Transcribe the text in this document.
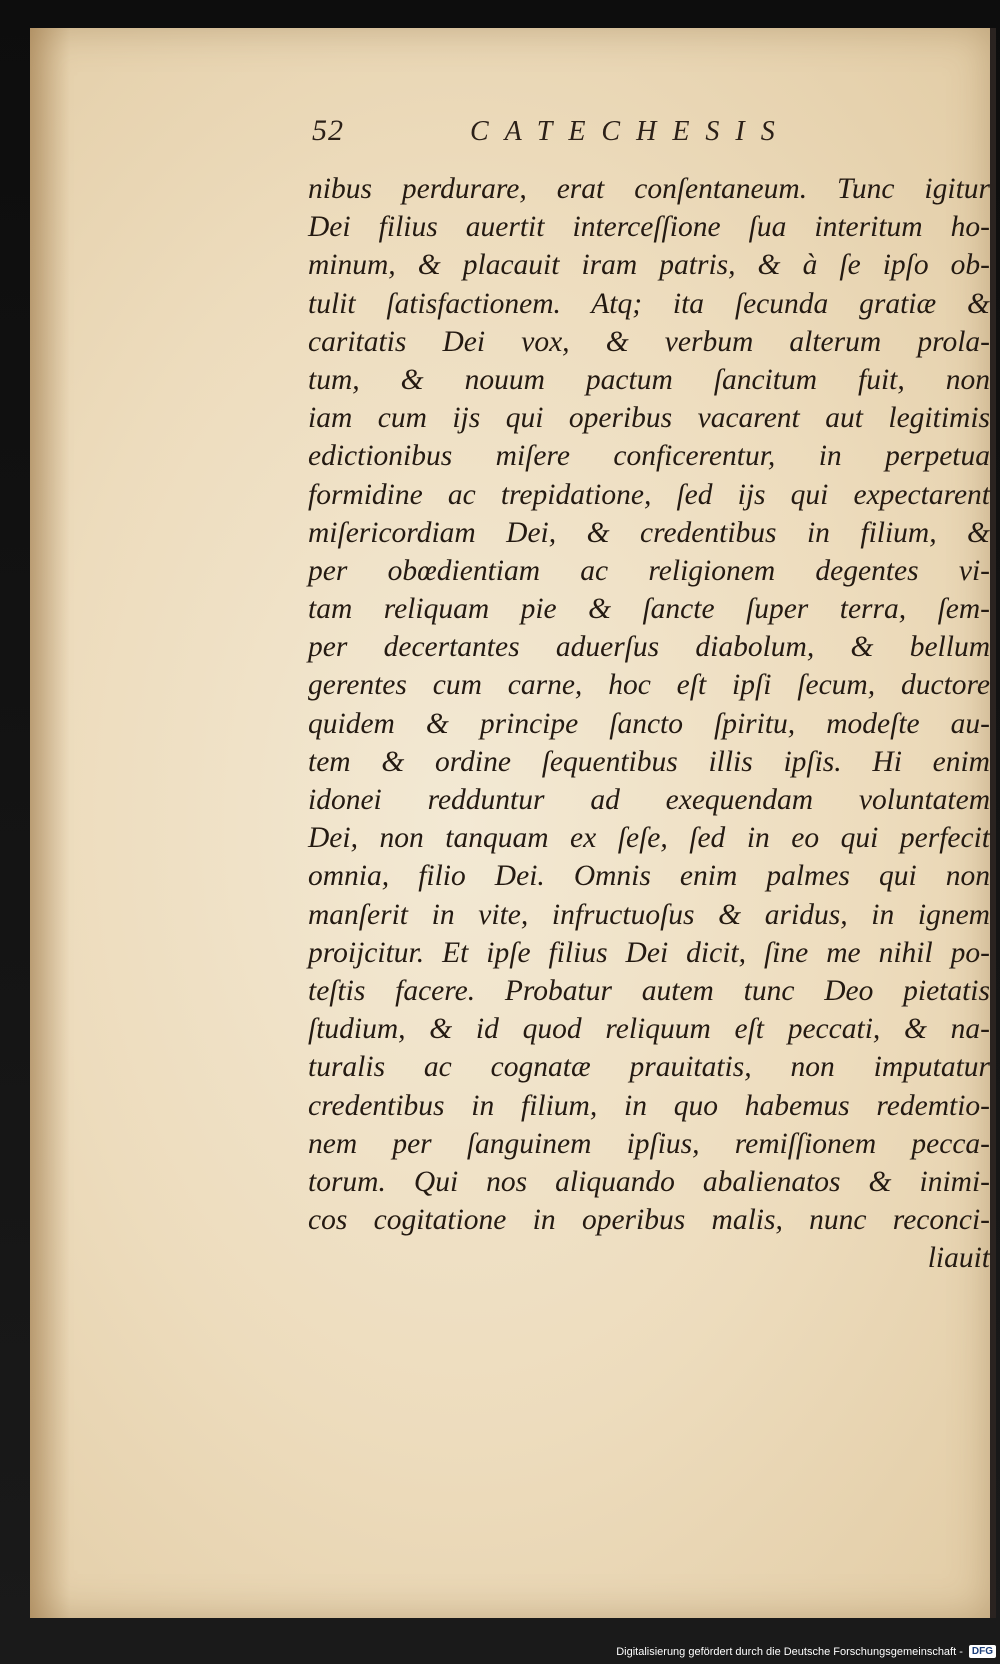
52	CATECHESIS
nibus perdurare, erat conſentaneum. Tunc igitur
Dei filius auertit interceſſione ſua interitum ho-
minum, & placauit iram patris, & à ſe ipſo ob-
tulit ſatisfactionem. Atq; ita ſecunda gratiæ &
caritatis Dei vox, & verbum alterum prola-
tum, & nouum pactum ſancitum fuit, non
iam cum ijs qui operibus vacarent aut legitimis
edictionibus miſere conficerentur, in perpetua
formidine ac trepidatione, ſed ijs qui expectarent
miſericordiam Dei, & credentibus in filium, &
per obœdientiam ac religionem degentes vi-
tam reliquam pie & ſancte ſuper terra, ſem-
per decertantes aduerſus diabolum, & bellum
gerentes cum carne, hoc eſt ipſi ſecum, ductore
quidem & principe ſancto ſpiritu, modeſte au-
tem & ordine ſequentibus illis ipſis. Hi enim
idonei redduntur ad exequendam voluntatem
Dei, non tanquam ex ſeſe, ſed in eo qui perfecit
omnia, filio Dei. Omnis enim palmes qui non
manſerit in vite, infructuoſus & aridus, in ignem
proijcitur. Et ipſe filius Dei dicit, ſine me nihil po-
teſtis facere. Probatur autem tunc Deo pietatis
ſtudium, & id quod reliquum eſt peccati, & na-
turalis ac cognatæ prauitatis, non imputatur
credentibus in filium, in quo habemus redemtio-
nem per ſanguinem ipſius, remiſſionem pecca-
torum. Qui nos aliquando abalienatos & inimi-
cos cogitatione in operibus malis, nunc reconci-
liauit
Digitalisierung gefördert durch die Deutsche Forschungsgemeinschaft - DFG
